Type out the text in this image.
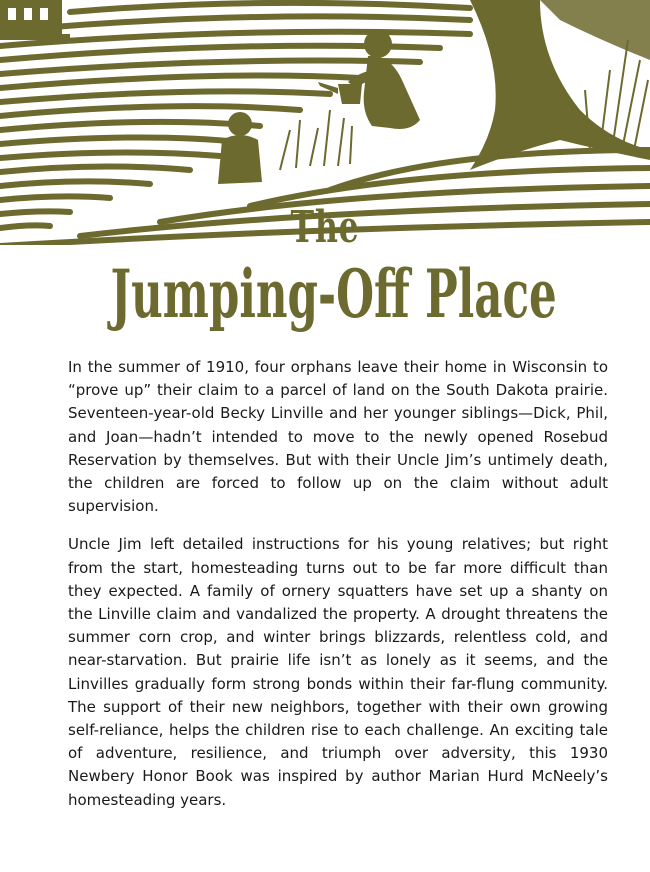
The
Jumping-Off Place

In the summer of 1910, four orphans leave their home in Wisconsin to “prove up” their claim to a parcel of land on the South Dakota prairie. Seventeen-year-old Becky Linville and her younger siblings—Dick, Phil, and Joan—hadn’t intended to move to the newly opened Rosebud Reservation by themselves. But with their Uncle Jim’s untimely death, the children are forced to follow up on the claim without adult supervision.

Uncle Jim left detailed instructions for his young relatives; but right from the start, homesteading turns out to be far more difficult than they expected. A family of ornery squatters have set up a shanty on the Linville claim and vandalized the property. A drought threatens the summer corn crop, and winter brings blizzards, relentless cold, and near-starvation. But prairie life isn’t as lonely as it seems, and the Linvilles gradually form strong bonds within their far-flung community. The support of their new neighbors, together with their own growing self-reliance, helps the children rise to each challenge. An exciting tale of adventure, resilience, and triumph over adversity, this 1930 Newbery Honor Book was inspired by author Marian Hurd McNeely’s homesteading years.
